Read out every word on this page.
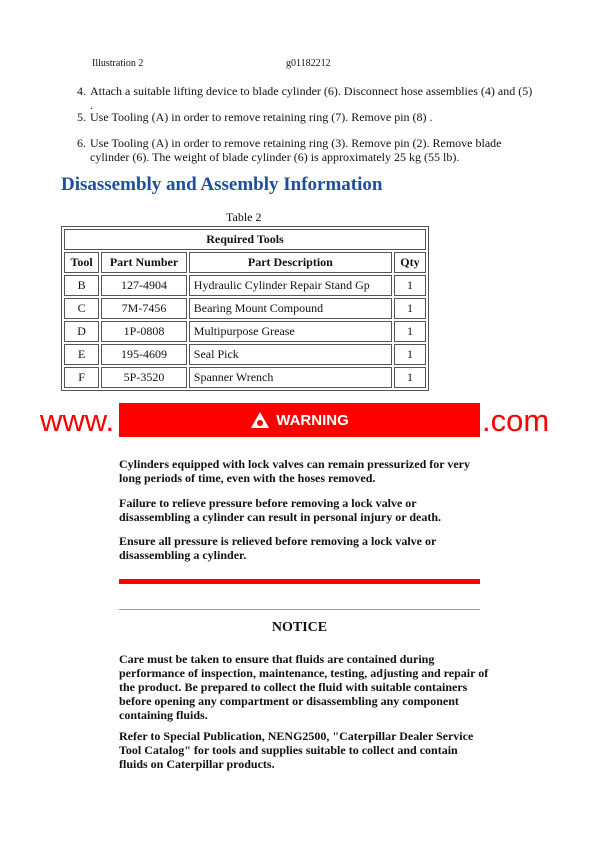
Illustration 2	g01182212
4. Attach a suitable lifting device to blade cylinder (6). Disconnect hose assemblies (4) and (5) .
5. Use Tooling (A) in order to remove retaining ring (7). Remove pin (8) .
6. Use Tooling (A) in order to remove retaining ring (3). Remove pin (2). Remove blade cylinder (6). The weight of blade cylinder (6) is approximately 25 kg (55 lb).
Disassembly and Assembly Information
Table 2
Required Tools			
Tool	Part Number	Part Description	Qty
B	127-4904	Hydraulic Cylinder Repair Stand Gp	1
C	7M-7456	Bearing Mount Compound	1
D	1P-0808	Multipurpose Grease	1
E	195-4609	Seal Pick	1
F	5P-3520	Spanner Wrench	1
www.	.com
WARNING
Cylinders equipped with lock valves can remain pressurized for very long periods of time, even with the hoses removed.
Failure to relieve pressure before removing a lock valve or disassembling a cylinder can result in personal injury or death.
Ensure all pressure is relieved before removing a lock valve or disassembling a cylinder.
NOTICE
Care must be taken to ensure that fluids are contained during performance of inspection, maintenance, testing, adjusting and repair of the product. Be prepared to collect the fluid with suitable containers before opening any compartment or disassembling any component containing fluids.
Refer to Special Publication, NENG2500, "Caterpillar Dealer Service Tool Catalog" for tools and supplies suitable to collect and contain fluids on Caterpillar products.
